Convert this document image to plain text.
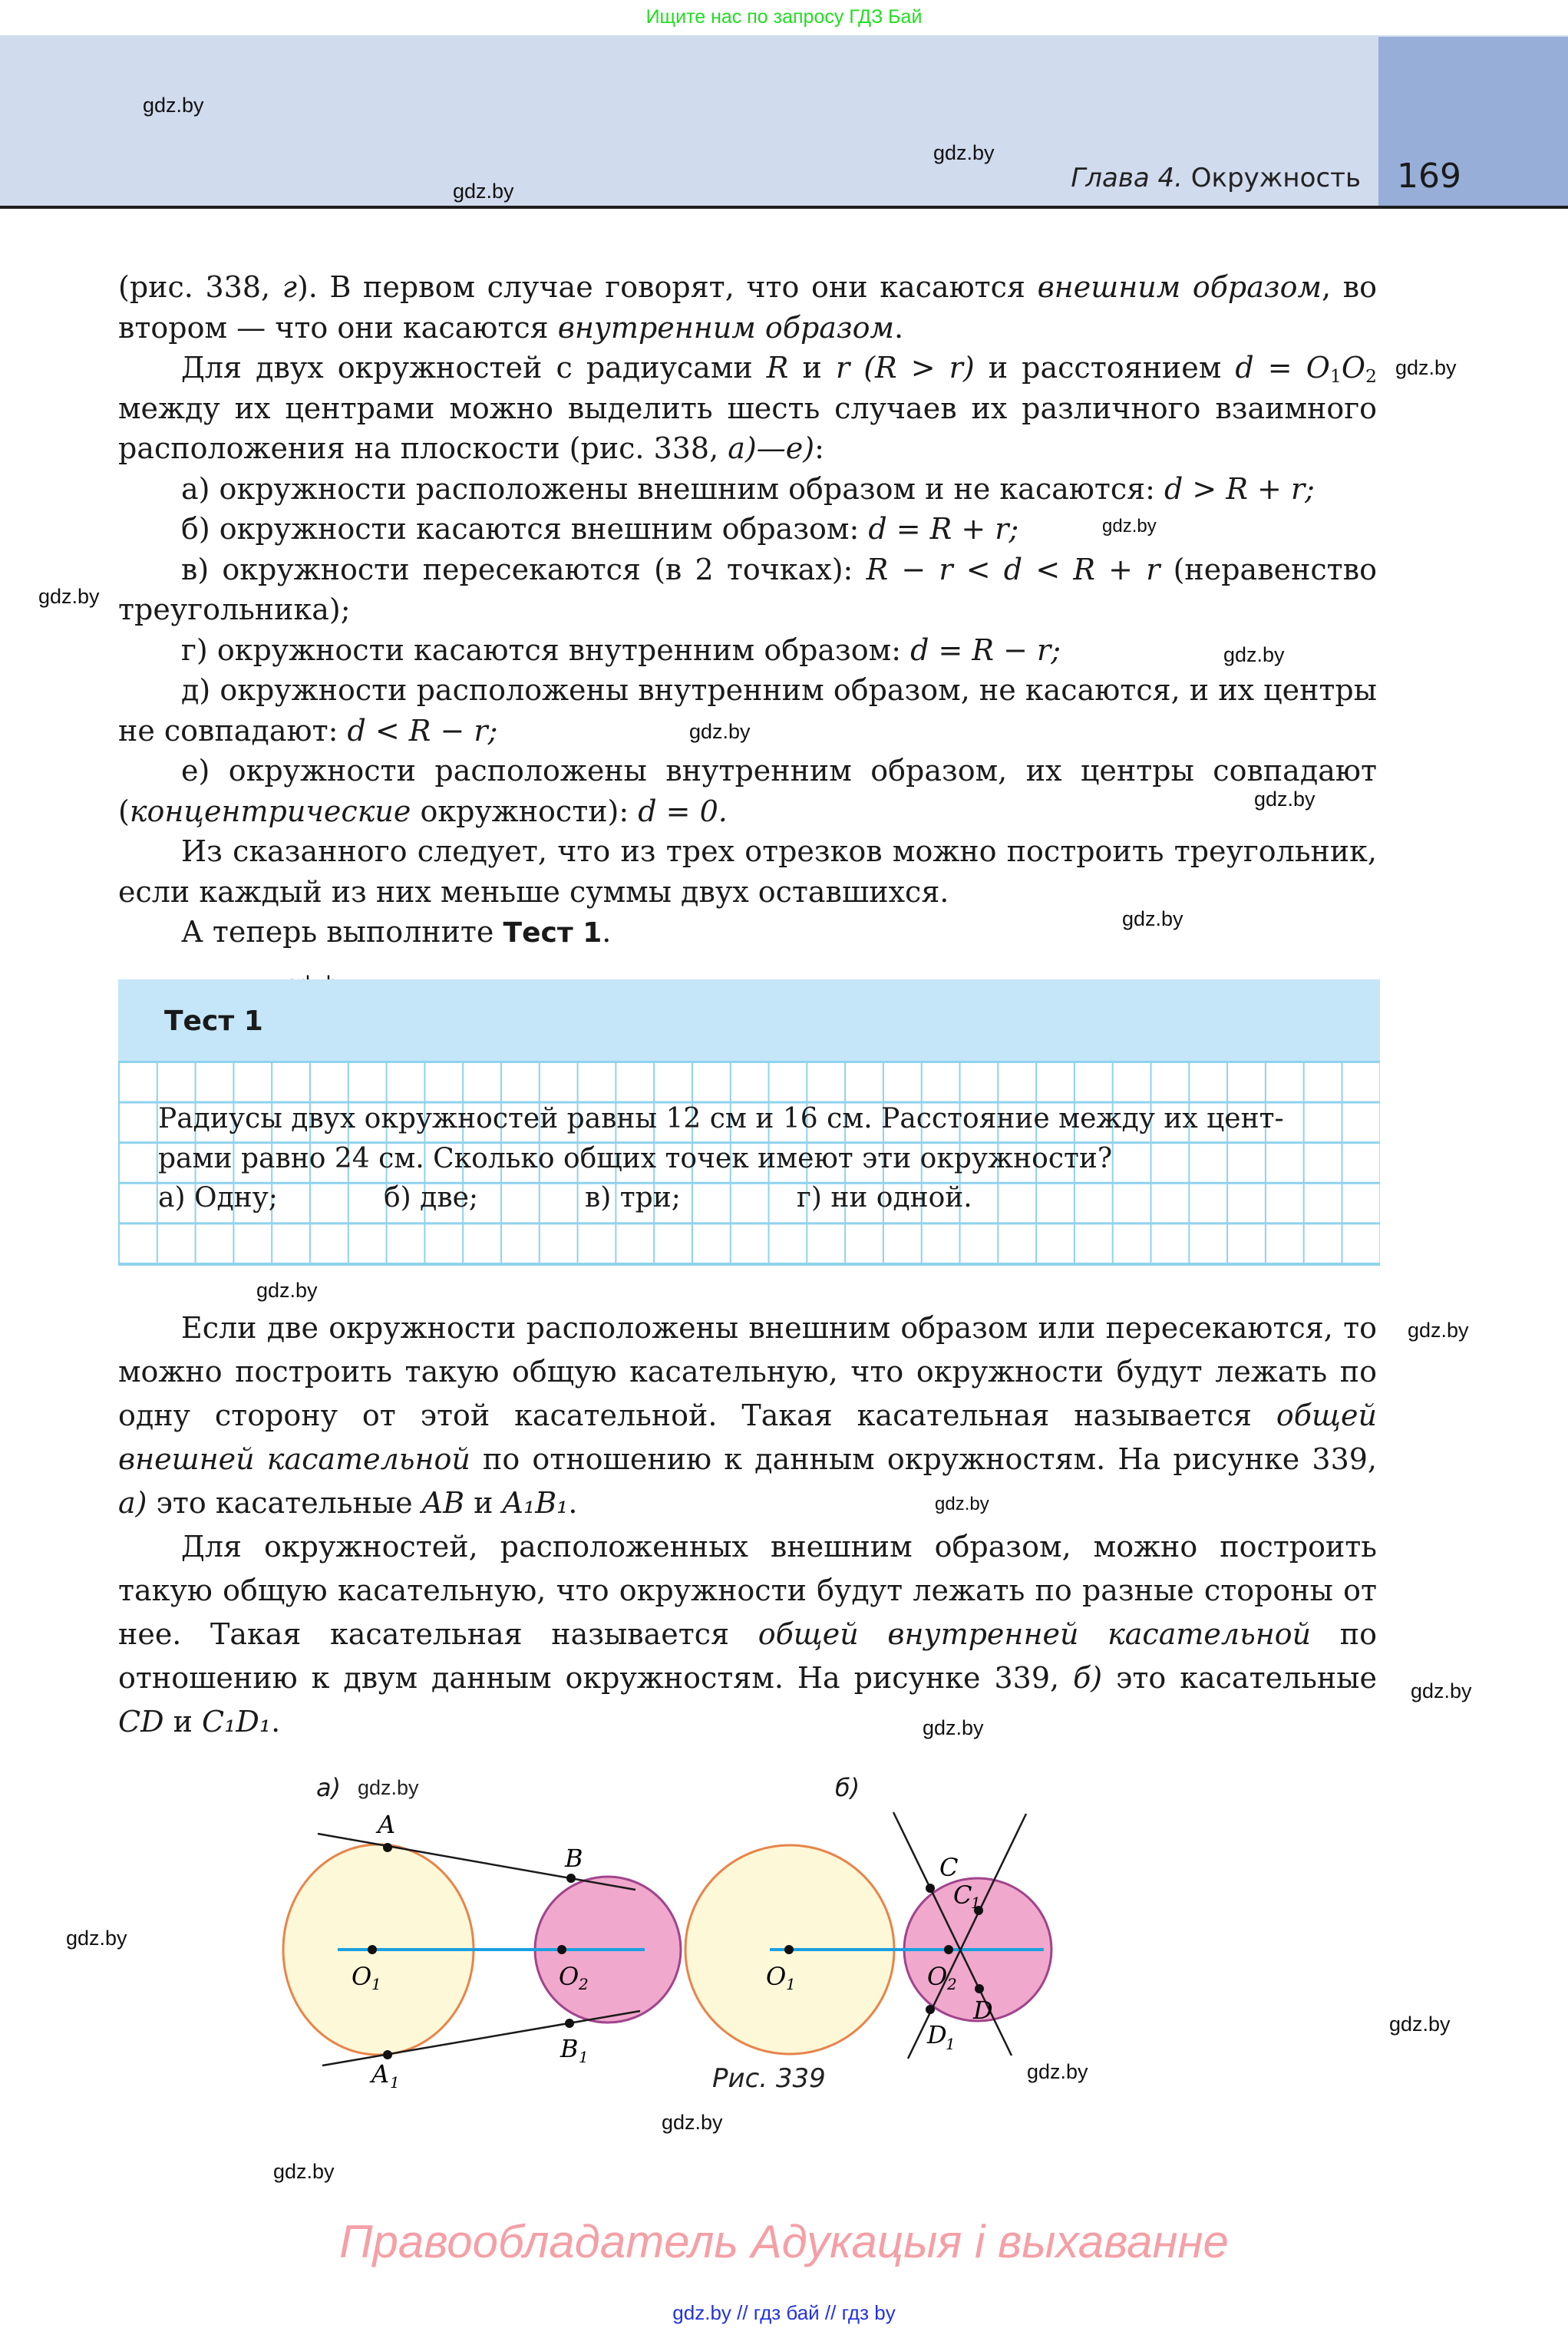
Ищите нас по запросу ГДЗ Бай
Глава 4. Окружность 169
gdz.by
gdz.by
gdz.by
gdz.by
gdz.by
gdz.by
gdz.by
gdz.by
gdz.by
gdz.by
gdz.by
gdz.by
gdz.by
gdz.by
gdz.by
gdz.by
gdz.by
gdz.by
gdz.by
gdz.by

(рис. 338, г). В первом случае говорят, что они касаются внешним образом, во втором — что они касаются внутренним образом.

Для двух окружностей с радиусами R и r (R > r) и расстоянием $d = O_1O_2$ между их центрами можно выделить шесть случаев их различного взаимного расположения на плоскости (рис. 338, а)—е):

а) окружности расположены внешним образом и не касаются: d > R + r;

б) окружности касаются внешним образом: d = R + r;

в) окружности пересекаются (в 2 точках): R − r < d < R + r (неравенство треугольника);

г) окружности касаются внутренним образом: d = R − r;

д) окружности расположены внутренним образом, не касаются, и их центры не совпадают: d < R − r;

е) окружности расположены внутренним образом, их центры совпадают (концентрические окружности): d = 0.

Из сказанного следует, что из трех отрезков можно построить треугольник, если каждый из них меньше суммы двух оставшихся.

А теперь выполните Тест 1.

Тест 1
Радиусы двух окружностей равны 12 см и 16 см. Расстояние между их цент-
рами равно 24 см. Сколько общих точек имеют эти окружности?
а) Одну;	б) две;	в) три;	г) ни одной.

Если две окружности расположены внешним образом или пересекаются, то можно построить такую общую касательную, что окружности будут лежать по одну сторону от этой касательной. Такая касательная называется общей внешней касательной по отношению к данным окружностям. На рисунке 339, а) это касательные AB и A₁B₁.

Для окружностей, расположенных внешним образом, можно построить такую общую касательную, что окружности будут лежать по разные стороны от нее. Такая касательная называется общей внутренней касательной по отношению к двум данным окружностям. На рисунке 339, б) это касательные CD и C₁D₁.

а) gdz.by	б)
A
B
O 1	O 2
B 1
A 1
C
C
1
O 1	O 2
D
D
1
Рис. 339
Правообладатель Адукацыя і выхаванне
gdz.by // гдз бай // гдз by
